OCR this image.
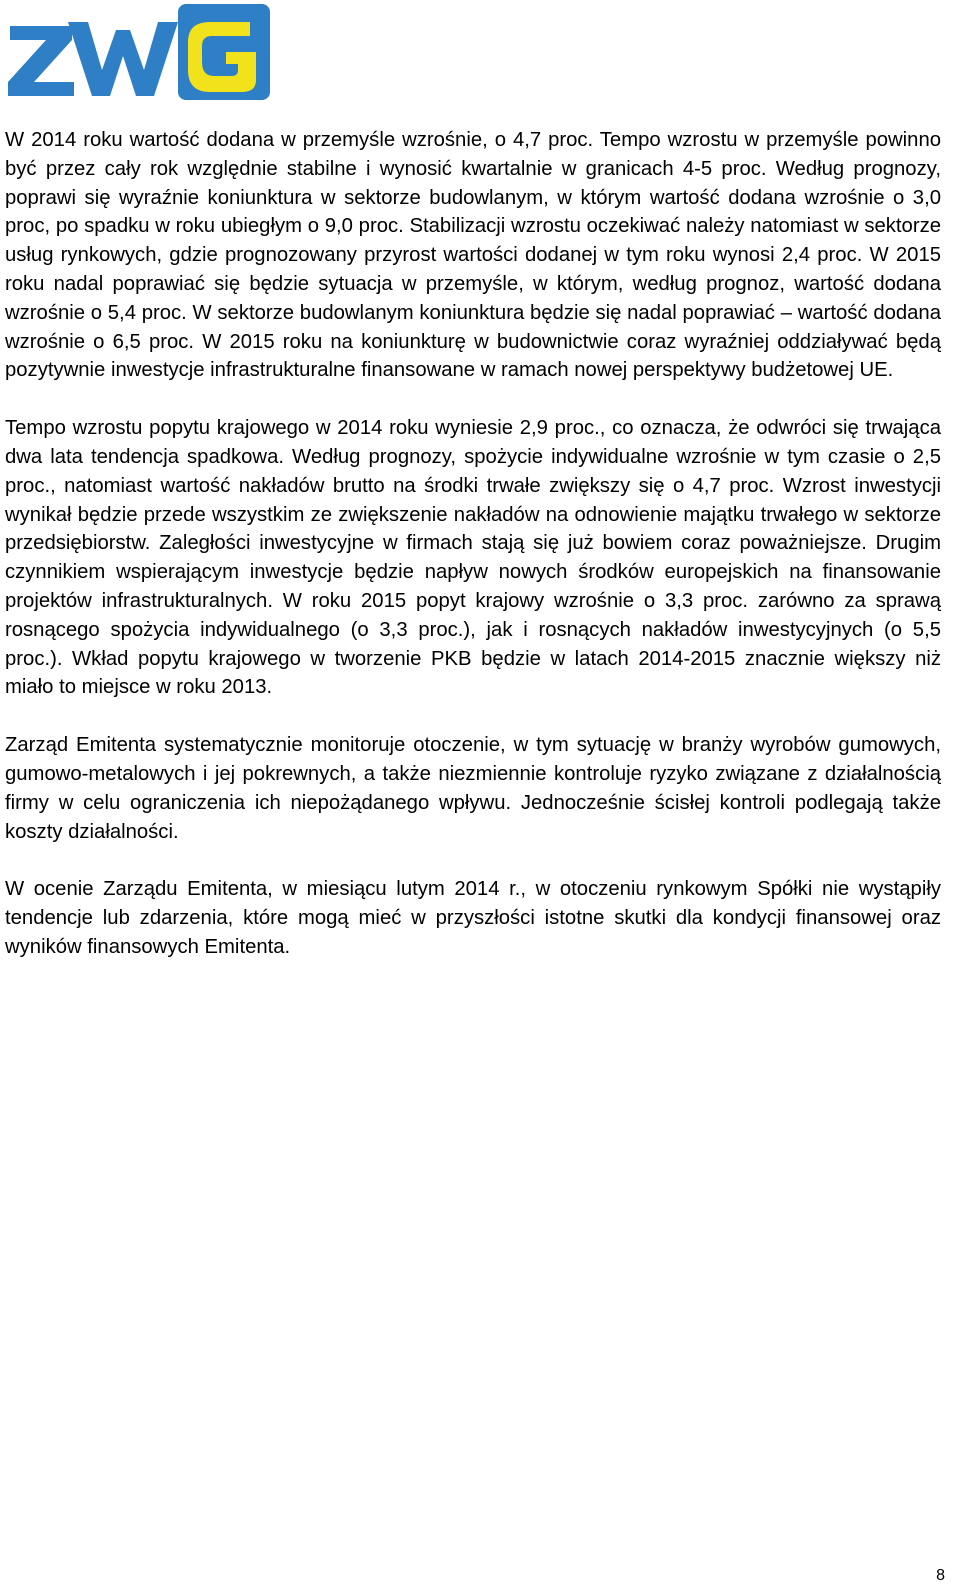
W 2014 roku wartość dodana w przemyśle wzrośnie, o 4,7 proc. Tempo wzrostu w przemyśle powinno być przez cały rok względnie stabilne i wynosić kwartalnie w granicach 4-5 proc. Według prognozy, poprawi się wyraźnie koniunktura w sektorze budowlanym, w którym wartość dodana wzrośnie o 3,0 proc, po spadku w roku ubiegłym o 9,0 proc. Stabilizacji wzrostu oczekiwać należy natomiast w sektorze usług rynkowych, gdzie prognozowany przyrost wartości dodanej w tym roku wynosi 2,4 proc. W 2015 roku nadal poprawiać się będzie sytuacja w przemyśle, w którym, według prognoz, wartość dodana wzrośnie o 5,4 proc. W sektorze budowlanym koniunktura będzie się nadal poprawiać – wartość dodana wzrośnie o 6,5 proc. W 2015 roku na koniunkturę w budownictwie coraz wyraźniej oddziaływać będą pozytywnie inwestycje infrastrukturalne finansowane w ramach nowej perspektywy budżetowej UE.

Tempo wzrostu popytu krajowego w 2014 roku wyniesie 2,9 proc., co oznacza, że odwróci się trwająca dwa lata tendencja spadkowa. Według prognozy, spożycie indywidualne wzrośnie w tym czasie o 2,5 proc., natomiast wartość nakładów brutto na środki trwałe zwiększy się o 4,7 proc. Wzrost inwestycji wynikał będzie przede wszystkim ze zwiększenie nakładów na odnowienie majątku trwałego w sektorze przedsiębiorstw. Zaległości inwestycyjne w firmach stają się już bowiem coraz poważniejsze. Drugim czynnikiem wspierającym inwestycje będzie napływ nowych środków europejskich na finansowanie projektów infrastrukturalnych. W roku 2015 popyt krajowy wzrośnie o 3,3 proc. zarówno za sprawą rosnącego spożycia indywidualnego (o 3,3 proc.), jak i rosnących nakładów inwestycyjnych (o 5,5 proc.). Wkład popytu krajowego w tworzenie PKB będzie w latach 2014-2015 znacznie większy niż miało to miejsce w roku 2013.

Zarząd Emitenta systematycznie monitoruje otoczenie, w tym sytuację w branży wyrobów gumowych, gumowo-metalowych i jej pokrewnych, a także niezmiennie kontroluje ryzyko związane z działalnością firmy w celu ograniczenia ich niepożądanego wpływu. Jednocześnie ścisłej kontroli podlegają także koszty działalności.

W ocenie Zarządu Emitenta, w miesiącu lutym 2014 r., w otoczeniu rynkowym Spółki nie wystąpiły tendencje lub zdarzenia, które mogą mieć w przyszłości istotne skutki dla kondycji finansowej oraz wyników finansowych Emitenta.

8
